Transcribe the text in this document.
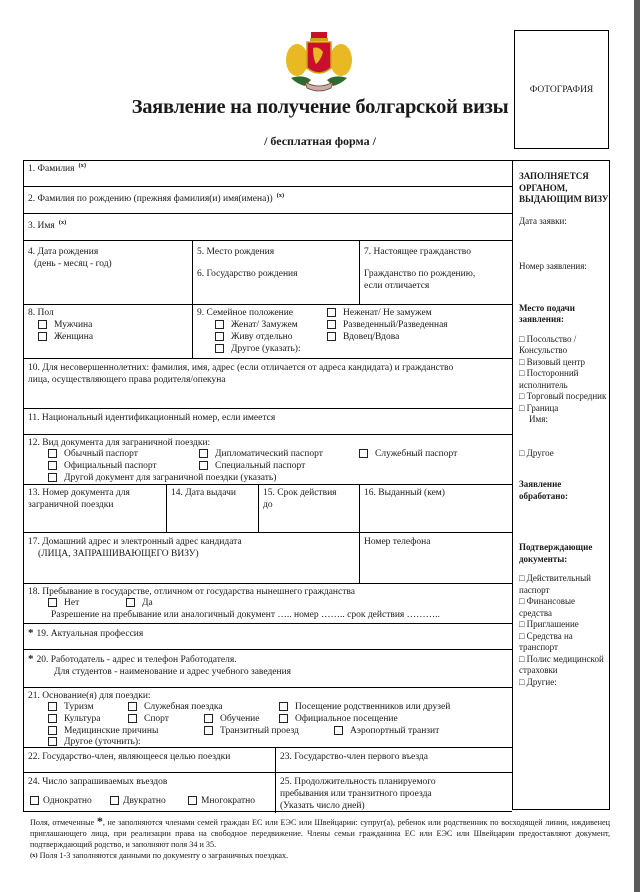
Заявление на получение болгарской визы
/ бесплатная форма /
ФОТОГРАФИЯ
1. Фамилия $^{(x)}$
2. Фамилия по рождению (прежняя фамилия(и) имя(имена)) $^{(x)}$
3. Имя $^{(x)}$
4. Дата рождения
(день - месяц - год)
5. Место рождения
6. Государство рождения
7. Настоящее гражданство
Гражданство по рождению,
если отличается
8. Пол
Мужчина
Женщина
9. Семейное положение
Женат/ Замужем
Живу отдельно
Другое (указать):
Неженат/ Не замужем
Разведенный/Разведенная
Вдовец/Вдова
10. Для несовершеннолетних: фамилия, имя, адрес (если отличается от адреса кандидата) и гражданство
лица, осуществляющего права родителя/опекуна
11. Национальный идентификационный номер, если имеется
12. Вид документа для заграничной поездки:
Обычный паспорт	Дипломатический паспорт	Служебный паспорт
Официальный паспорт	Специальный паспорт
Другой документ для заграничной поездки (указать)
13. Номер документа для
заграничной поездки
14. Дата выдачи	15. Срок действия
до
16. Выданный (кем)
17. Домашний адрес и электронный адрес кандидата
(ЛИЦА, ЗАПРАШИВАЮЩЕГО ВИЗУ)
Номер телефона
18. Пребывание в государстве, отличном от государства нынешнего гражданства
Нет	Да
Разрешение на пребывание или аналогичный документ ….. номер …….. срок действия ………..
* 19. Актуальная профессия
* 20. Работодатель - адрес и телефон Работодателя.
Для студентов - наименование и адрес учебного заведения
21. Основание(я) для поездки:
Туризм	Служебная поездка	Посещение родственников или друзей
Культура	Спорт	Обучение	Официальное посещение
Медицинские причины	Транзитный проезд	Аэропортный транзит
Другое (уточнить):
22. Государство-член, являющееся целью поездки	23. Государство-член первого въезда
24. Число запрашиваемых въездов
Однократно	Двукратно	Многократно
25. Продолжительность планируемого
пребывания или транзитного проезда
(Указать число дней)
ЗАПОЛНЯЕТСЯ ОРГАНОМ, ВЫДАЮЩИМ ВИЗУ
Дата заявки:
Номер заявления:
Место подачи заявления:
□ Посольство / Консульство
□ Визовый центр
□ Посторонний исполнитель
□ Торговый посредник
□ Граница
Имя:
□ Другое
Заявление обработано:
Подтверждающие документы:
□ Действительный паспорт
□ Финансовые средства
□ Приглашение
□ Средства на транспорт
□ Полис медицинской страховки
□ Другие:
Поля, отмеченные *, не заполняются членами семей граждан ЕС или ЕЭС или Швейцарии: супруг(а), ребенок или родственник по восходящей линии, иждивенец приглашающего лица, при реализации права на свободное передвижение. Члены семьи гражданина ЕС или ЕЭС или Швейцарии предоставляют документ, подтверждающий родство, и заполняют поля 34 и 35.
$^{(x)}$ Поля 1-3 заполняются данными по документу о заграничных поездках.
